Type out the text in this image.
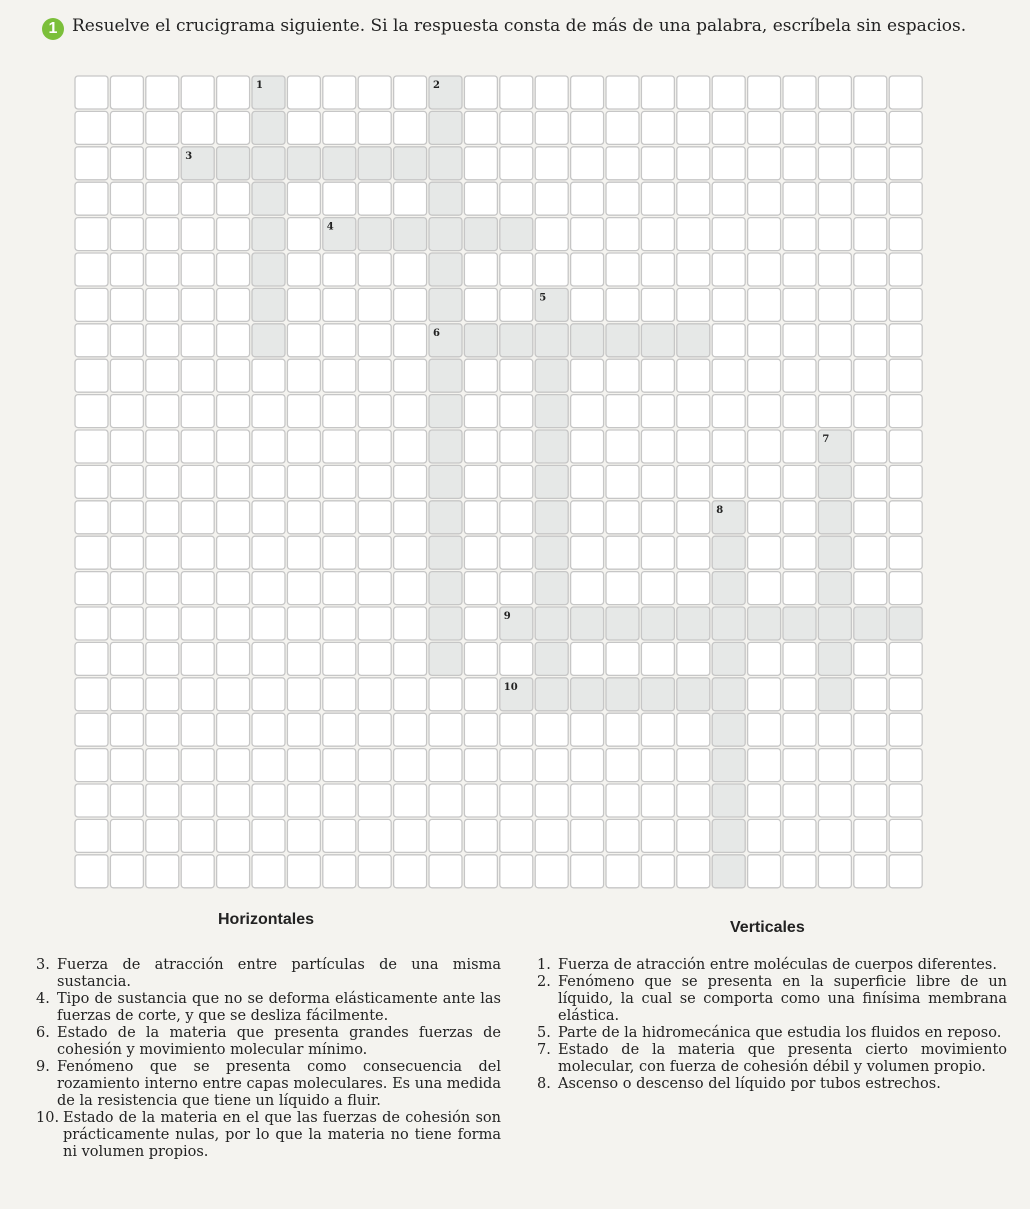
1 Resuelve el crucigrama siguiente. Si la respuesta consta de más de una palabra, escríbela sin espacios.

1	2
3
4
5
6
7
8
9
10
Horizontales	Verticales
3. Fuerza de atracción entre partículas de una misma sustancia.
4. Tipo de sustancia que no se deforma elásticamente ante las fuerzas de corte, y que se desliza fácilmente.
6. Estado de la materia que presenta grandes fuerzas de cohesión y movimiento molecular mínimo.
9. Fenómeno que se presenta como consecuencia del rozamiento interno entre capas moleculares. Es una medida de la resistencia que tiene un líquido a fluir.
10. Estado de la materia en el que las fuerzas de cohesión son prácticamente nulas, por lo que la materia no tiene forma ni volumen propios.
1. Fuerza de atracción entre moléculas de cuerpos diferentes.
2. Fenómeno que se presenta en la superficie libre de un líquido, la cual se comporta como una finísima membrana elástica.
5. Parte de la hidromecánica que estudia los fluidos en reposo.
7. Estado de la materia que presenta cierto movimiento molecular, con fuerza de cohesión débil y volumen propio.
8. Ascenso o descenso del líquido por tubos estrechos.
